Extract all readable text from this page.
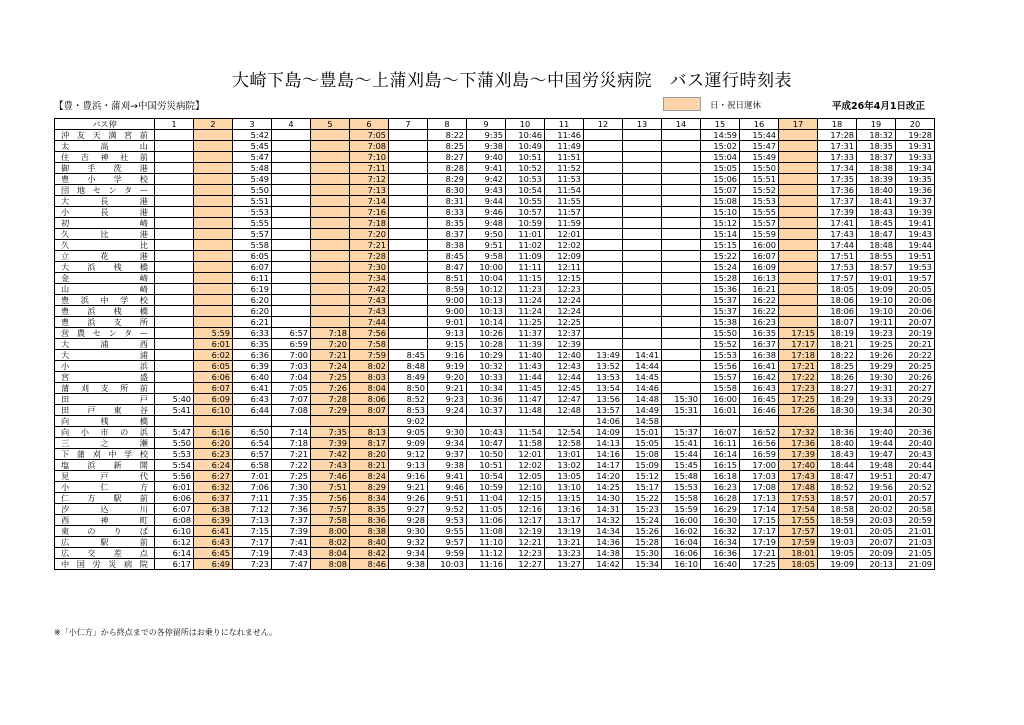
大崎下島～豊島～上蒲刈島～下蒲刈島～中国労災病院　バス運行時刻表
【豊・豊浜・蒲刈→中国労災病院】	日・祝日運休	平成26年4月1日改正
バス停	1	2	3	4	5	6	7	8	9	10	11	12	13	14	15	16	17	18	19	20
沖友天満宮前			5:42			7:05		8:22	9:35	10:46	11:46				14:59	15:44		17:28	18:32	19:28
太高山			5:45			7:08		8:25	9:38	10:49	11:49				15:02	15:47		17:31	18:35	19:31
住吉神社前			5:47			7:10		8:27	9:40	10:51	11:51				15:04	15:49		17:33	18:37	19:33
御手洗港			5:48			7:11		8:28	9:41	10:52	11:52				15:05	15:50		17:34	18:38	19:34
豊小学校			5:49			7:12		8:29	9:42	10:53	11:53				15:06	15:51		17:35	18:39	19:35
団地センター			5:50			7:13		8:30	9:43	10:54	11:54				15:07	15:52		17:36	18:40	19:36
大長港			5:51			7:14		8:31	9:44	10:55	11:55				15:08	15:53		17:37	18:41	19:37
小長港			5:53			7:16		8:33	9:46	10:57	11:57				15:10	15:55		17:39	18:43	19:39
初崎			5:55			7:18		8:35	9:48	10:59	11:59				15:12	15:57		17:41	18:45	19:41
久比港			5:57			7:20		8:37	9:50	11:01	12:01				15:14	15:59		17:43	18:47	19:43
久比			5:58			7:21		8:38	9:51	11:02	12:02				15:15	16:00		17:44	18:48	19:44
立花港			6:05			7:28		8:45	9:58	11:09	12:09				15:22	16:07		17:51	18:55	19:51
大浜桟橋			6:07			7:30		8:47	10:00	11:11	12:11				15:24	16:09		17:53	18:57	19:53
金崎			6:11			7:34		8:51	10:04	11:15	12:15				15:28	16:13		17:57	19:01	19:57
山崎			6:19			7:42		8:59	10:12	11:23	12:23				15:36	16:21		18:05	19:09	20:05
豊浜中学校			6:20			7:43		9:00	10:13	11:24	12:24				15:37	16:22		18:06	19:10	20:06
豊浜桟橋			6:20			7:43		9:00	10:13	11:24	12:24				15:37	16:22		18:06	19:10	20:06
豊浜支所			6:21			7:44		9:01	10:14	11:25	12:25				15:38	16:23		18:07	19:11	20:07
営農センター		5:59	6:33	6:57	7:18	7:56		9:13	10:26	11:37	12:37				15:50	16:35	17:15	18:19	19:23	20:19
大浦西		6:01	6:35	6:59	7:20	7:58		9:15	10:28	11:39	12:39				15:52	16:37	17:17	18:21	19:25	20:21
大浦		6:02	6:36	7:00	7:21	7:59	8:45	9:16	10:29	11:40	12:40	13:49	14:41		15:53	16:38	17:18	18:22	19:26	20:22
小浜		6:05	6:39	7:03	7:24	8:02	8:48	9:19	10:32	11:43	12:43	13:52	14:44		15:56	16:41	17:21	18:25	19:29	20:25
宮盛		6:06	6:40	7:04	7:25	8:03	8:49	9:20	10:33	11:44	12:44	13:53	14:45		15:57	16:42	17:22	18:26	19:30	20:26
蒲刈支所前		6:07	6:41	7:05	7:26	8:04	8:50	9:21	10:34	11:45	12:45	13:54	14:46		15:58	16:43	17:23	18:27	19:31	20:27
田戸	5:40	6:09	6:43	7:07	7:28	8:06	8:52	9:23	10:36	11:47	12:47	13:56	14:48	15:30	16:00	16:45	17:25	18:29	19:33	20:29
田戸東谷	5:41	6:10	6:44	7:08	7:29	8:07	8:53	9:24	10:37	11:48	12:48	13:57	14:49	15:31	16:01	16:46	17:26	18:30	19:34	20:30
向桟橋							9:02					14:06	14:58							
向小市の浜	5:47	6:16	6:50	7:14	7:35	8:13	9:05	9:30	10:43	11:54	12:54	14:09	15:01	15:37	16:07	16:52	17:32	18:36	19:40	20:36
三之瀬	5:50	6:20	6:54	7:18	7:39	8:17	9:09	9:34	10:47	11:58	12:58	14:13	15:05	15:41	16:11	16:56	17:36	18:40	19:44	20:40
下蒲刈中学校	5:53	6:23	6:57	7:21	7:42	8:20	9:12	9:37	10:50	12:01	13:01	14:16	15:08	15:44	16:14	16:59	17:39	18:43	19:47	20:43
塩浜新開	5:54	6:24	6:58	7:22	7:43	8:21	9:13	9:38	10:51	12:02	13:02	14:17	15:09	15:45	16:15	17:00	17:40	18:44	19:48	20:44
見戸代	5:56	6:27	7:01	7:25	7:46	8:24	9:16	9:41	10:54	12:05	13:05	14:20	15:12	15:48	16:18	17:03	17:43	18:47	19:51	20:47
小仁方	6:01	6:32	7:06	7:30	7:51	8:29	9:21	9:46	10:59	12:10	13:10	14:25	15:17	15:53	16:23	17:08	17:48	18:52	19:56	20:52
仁方駅前	6:06	6:37	7:11	7:35	7:56	8:34	9:26	9:51	11:04	12:15	13:15	14:30	15:22	15:58	16:28	17:13	17:53	18:57	20:01	20:57
汐込川	6:07	6:38	7:12	7:36	7:57	8:35	9:27	9:52	11:05	12:16	13:16	14:31	15:23	15:59	16:29	17:14	17:54	18:58	20:02	20:58
西神町	6:08	6:39	7:13	7:37	7:58	8:36	9:28	9:53	11:06	12:17	13:17	14:32	15:24	16:00	16:30	17:15	17:55	18:59	20:03	20:59
東のりば	6:10	6:41	7:15	7:39	8:00	8:38	9:30	9:55	11:08	12:19	13:19	14:34	15:26	16:02	16:32	17:17	17:57	19:01	20:05	21:01
広駅前	6:12	6:43	7:17	7:41	8:02	8:40	9:32	9:57	11:10	12:21	13:21	14:36	15:28	16:04	16:34	17:19	17:59	19:03	20:07	21:03
広交差点	6:14	6:45	7:19	7:43	8:04	8:42	9:34	9:59	11:12	12:23	13:23	14:38	15:30	16:06	16:36	17:21	18:01	19:05	20:09	21:05
中国労災病院	6:17	6:49	7:23	7:47	8:08	8:46	9:38	10:03	11:16	12:27	13:27	14:42	15:34	16:10	16:40	17:25	18:05	19:09	20:13	21:09
※「小仁方」から終点までの各停留所はお乗りになれません。
